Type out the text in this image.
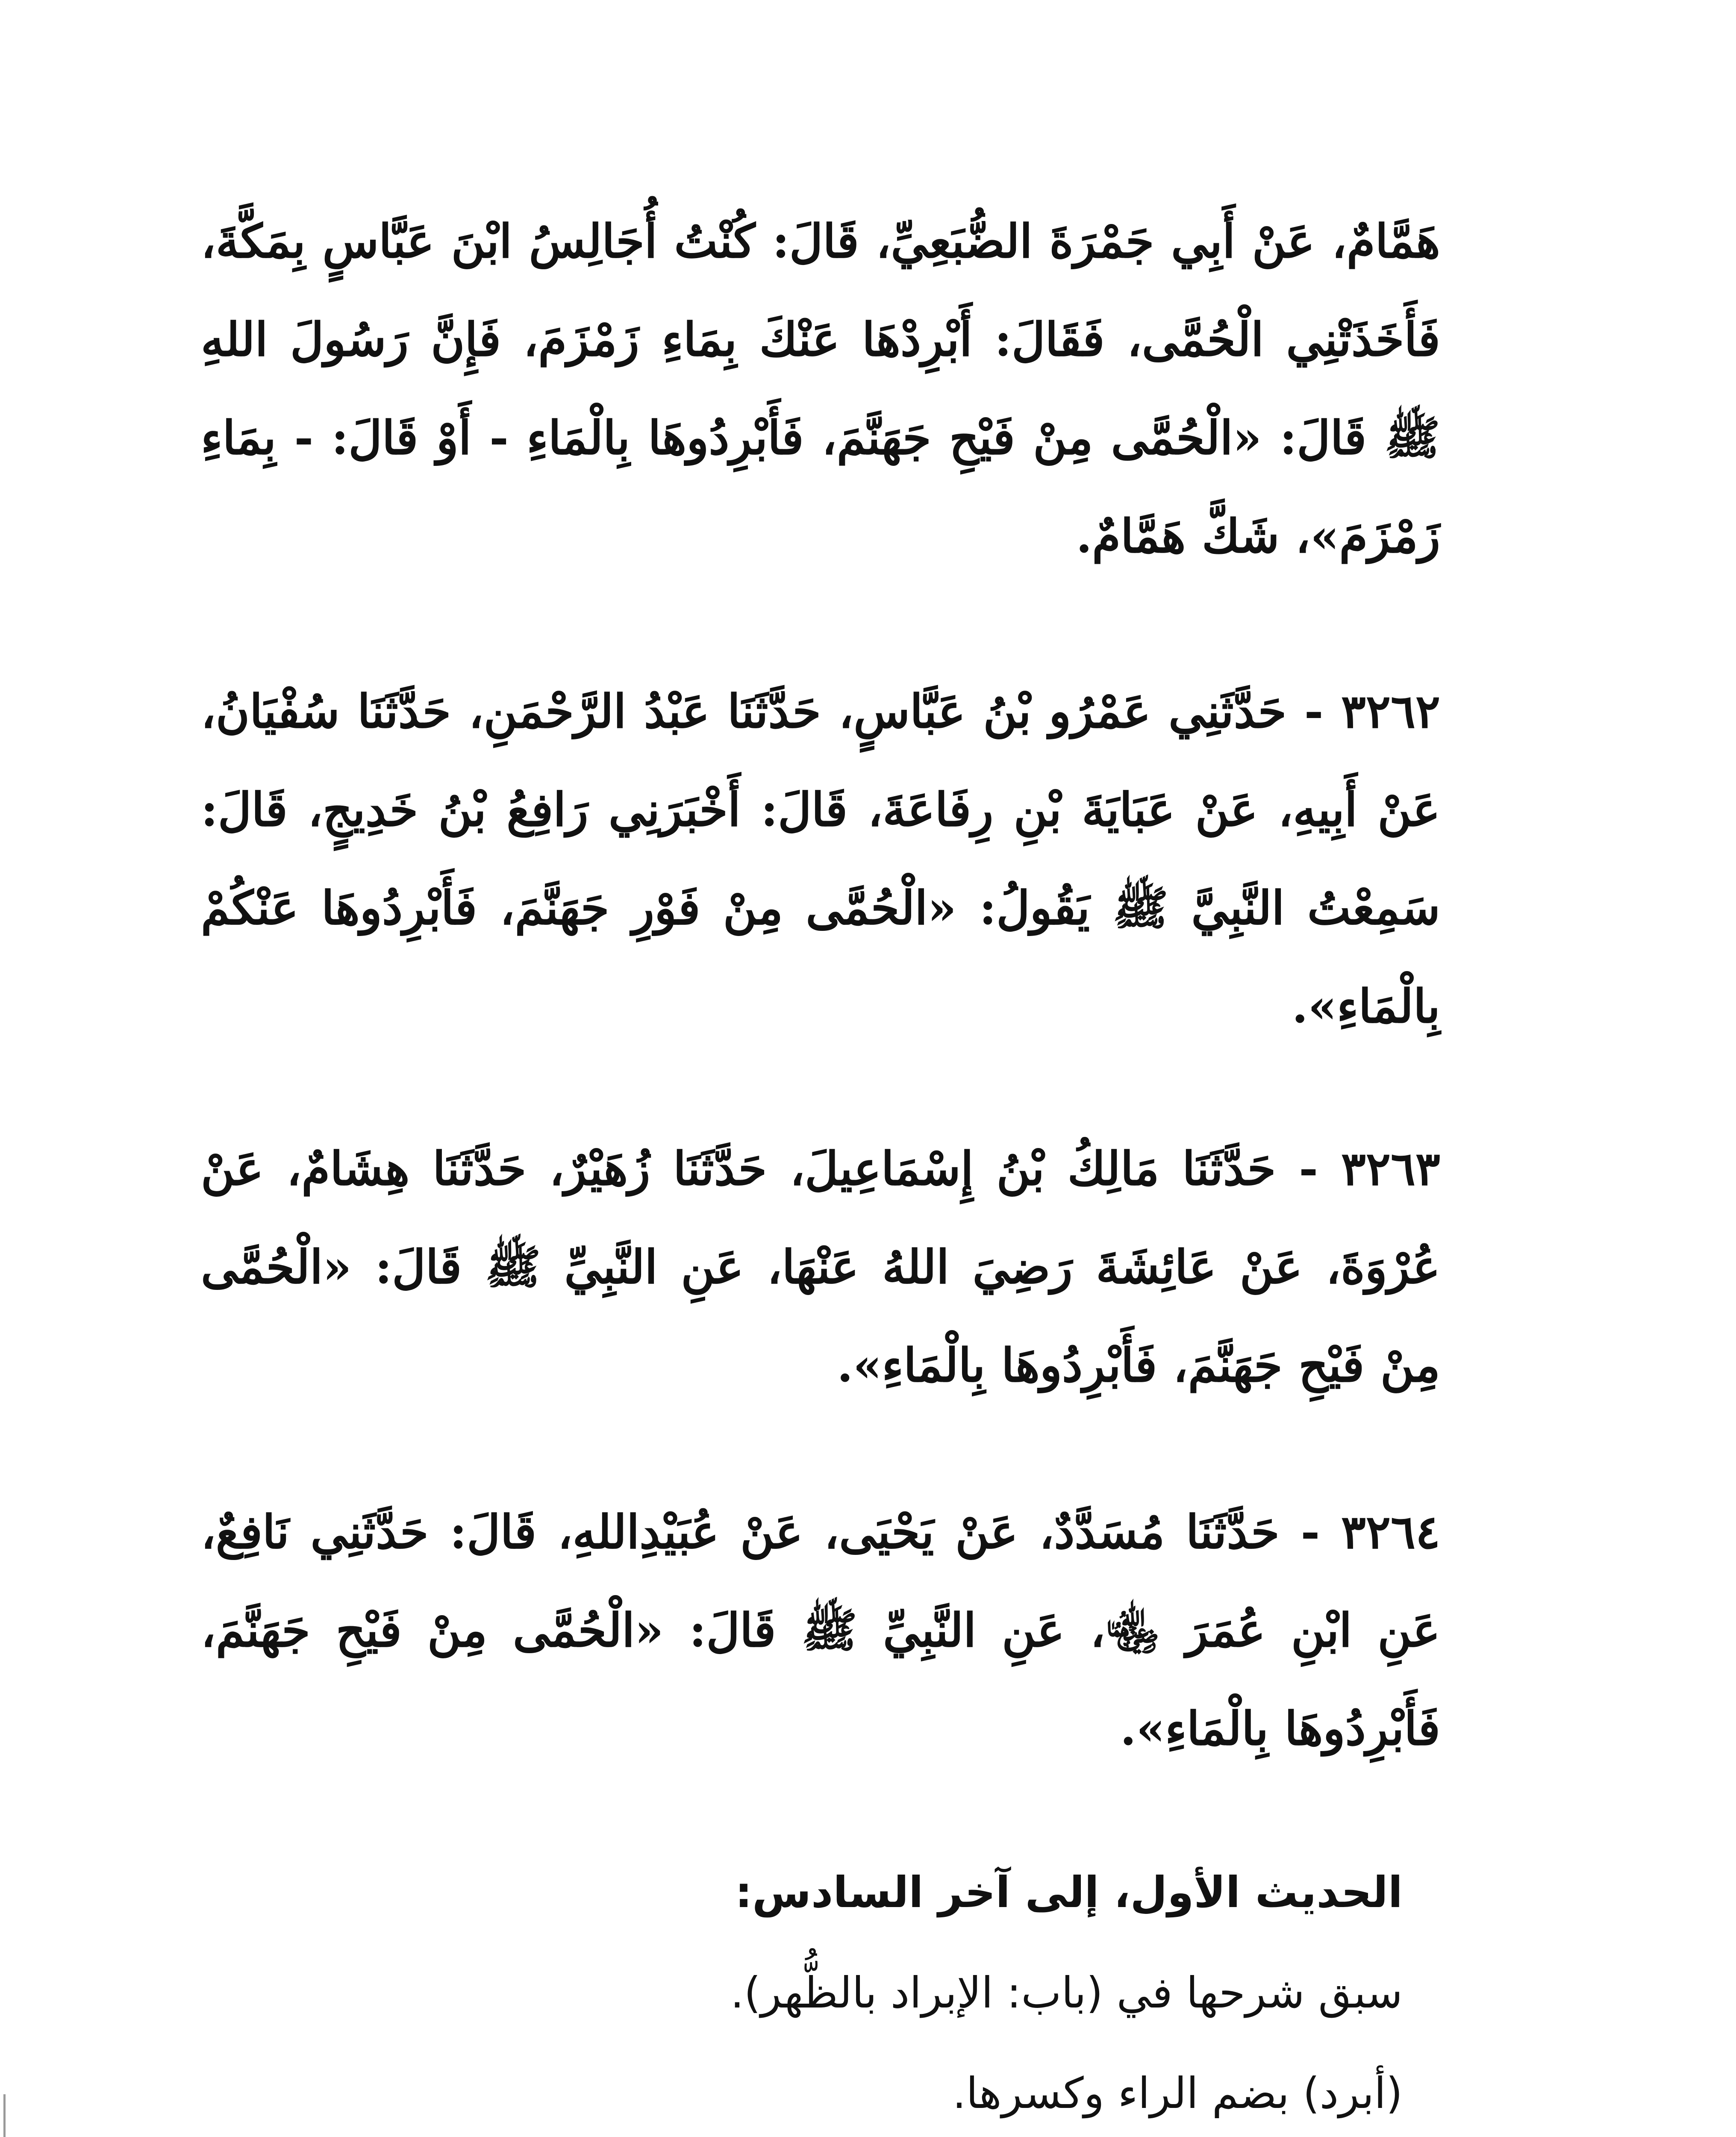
هَمَّامٌ، عَنْ أَبِي جَمْرَةَ الضُّبَعِيِّ، قَالَ: كُنْتُ أُجَالِسُ ابْنَ عَبَّاسٍ بِمَكَّةَ، فَأَخَذَتْنِي الْحُمَّى، فَقَالَ: أَبْرِدْهَا عَنْكَ بِمَاءِ زَمْزَمَ، فَإِنَّ رَسُولَ اللهِ ﷺ قَالَ: «الْحُمَّى مِنْ فَيْحِ جَهَنَّمَ، فَأَبْرِدُوهَا بِالْمَاءِ - أَوْ قَالَ: - بِمَاءِ زَمْزَمَ»، شَكَّ هَمَّامٌ.

٣٢٦٢ - حَدَّثَنِي عَمْرُو بْنُ عَبَّاسٍ، حَدَّثَنَا عَبْدُ الرَّحْمَنِ، حَدَّثَنَا سُفْيَانُ، عَنْ أَبِيهِ، عَنْ عَبَايَةَ بْنِ رِفَاعَةَ، قَالَ: أَخْبَرَنِي رَافِعُ بْنُ خَدِيجٍ، قَالَ: سَمِعْتُ النَّبِيَّ ﷺ يَقُولُ: «الْحُمَّى مِنْ فَوْرِ جَهَنَّمَ، فَأَبْرِدُوهَا عَنْكُمْ بِالْمَاءِ».

٣٢٦٣ - حَدَّثَنَا مَالِكُ بْنُ إِسْمَاعِيلَ، حَدَّثَنَا زُهَيْرٌ، حَدَّثَنَا هِشَامٌ، عَنْ عُرْوَةَ، عَنْ عَائِشَةَ رَضِيَ اللهُ عَنْهَا، عَنِ النَّبِيِّ ﷺ قَالَ: «الْحُمَّى مِنْ فَيْحِ جَهَنَّمَ، فَأَبْرِدُوهَا بِالْمَاءِ».

٣٢٦٤ - حَدَّثَنَا مُسَدَّدٌ، عَنْ يَحْيَى، عَنْ عُبَيْدِاللهِ، قَالَ: حَدَّثَنِي نَافِعٌ، عَنِ ابْنِ عُمَرَ ﵄، عَنِ النَّبِيِّ ﷺ قَالَ: «الْحُمَّى مِنْ فَيْحِ جَهَنَّمَ، فَأَبْرِدُوهَا بِالْمَاءِ».

الحديث الأول، إلى آخر السادس:
سبق شرحها في (باب: الإبراد بالظُّهر).
(أبرد) بضم الراء وكسرها.
